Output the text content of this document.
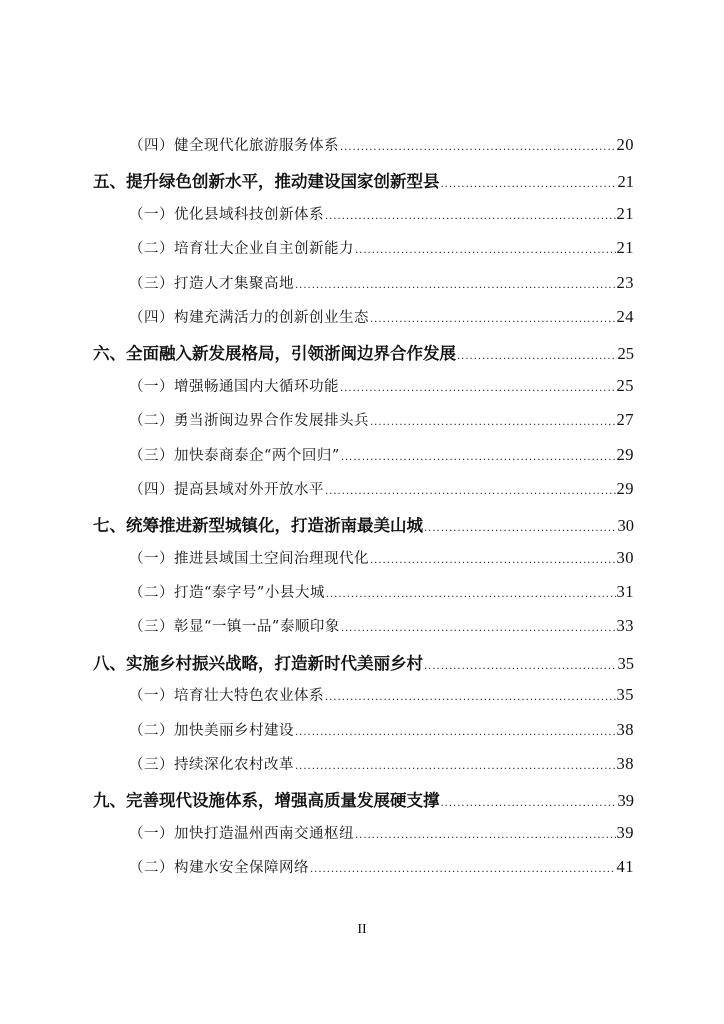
（四）健全现代化旅游服务体系 .....	20
五、提升绿色创新水平，推动建设国家创新型县 .....	21
（一）优化县域科技创新体系 .....	21
（二）培育壮大企业自主创新能力 .....	21
（三）打造人才集聚高地 .....	23
（四）构建充满活力的创新创业生态 .....	24
六、全面融入新发展格局，引领浙闽边界合作发展 .....	25
（一）增强畅通国内大循环功能 .....	25
（二）勇当浙闽边界合作发展排头兵 .....	27
（三）加快泰商泰企“两个回归” .....	29
（四）提高县域对外开放水平 .....	29
七、统筹推进新型城镇化，打造浙南最美山城 .....	30
（一）推进县域国土空间治理现代化 .....	30
（二）打造“泰字号”小县大城 .....	31
（三）彰显“一镇一品”泰顺印象 .....	33
八、实施乡村振兴战略，打造新时代美丽乡村 .....	35
（一）培育壮大特色农业体系 .....	35
（二）加快美丽乡村建设 .....	38
（三）持续深化农村改革 .....	38
九、完善现代设施体系，增强高质量发展硬支撑 .....	39
（一）加快打造温州西南交通枢纽 .....	39
（二）构建水安全保障网络 .....	41
II
